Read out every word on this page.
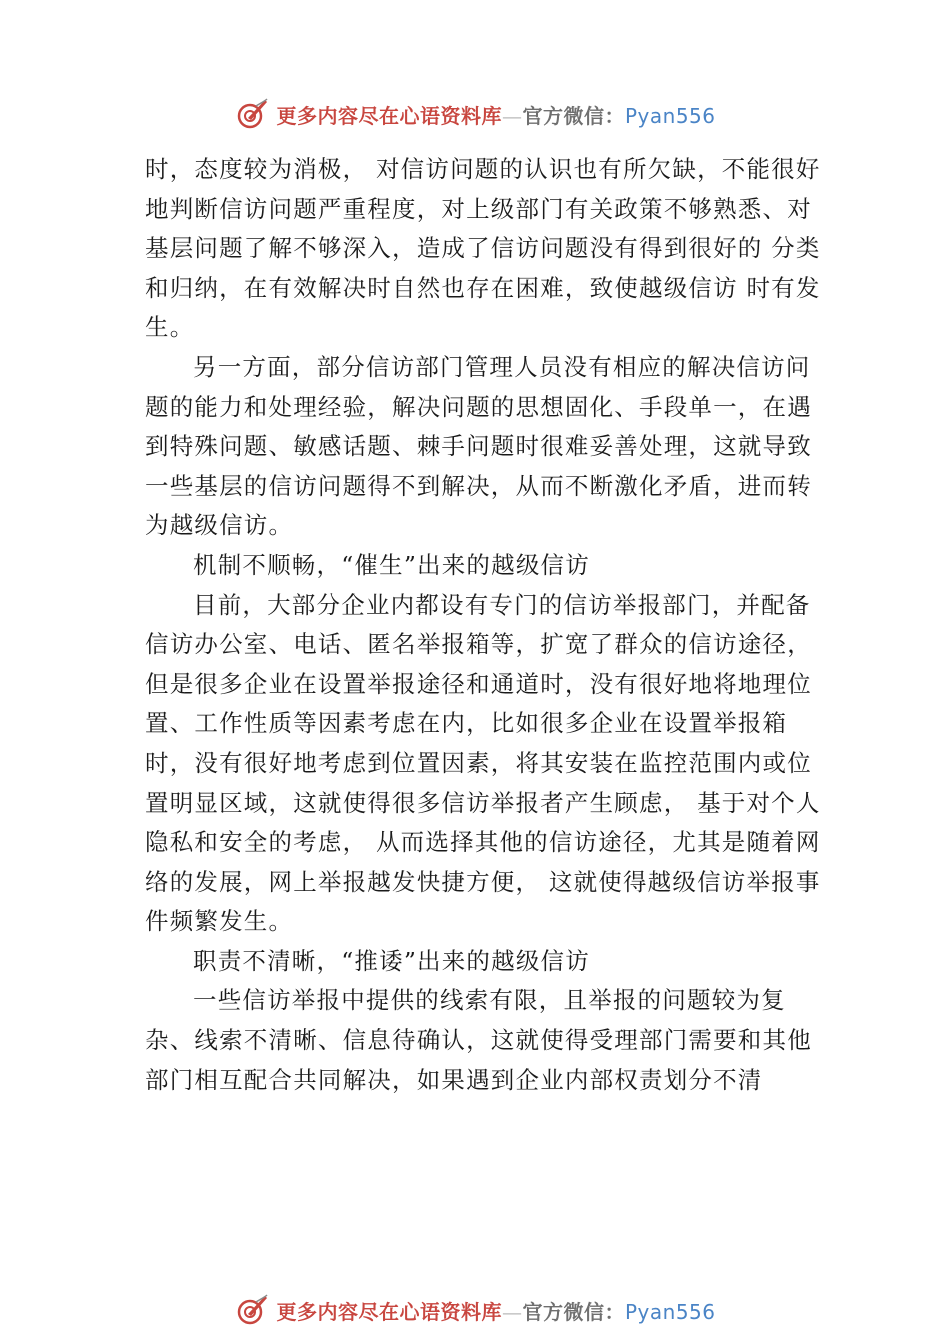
更多内容尽在心语资料库—官方微信：Pyan556

时，态度较为消极， 对信访问题的认识也有所欠缺，不能很好地判断信访问题严重程度，对上级部门有关政策不够熟悉、对基层问题了解不够深入，造成了信访问题没有得到很好的 分类和归纳，在有效解决时自然也存在困难，致使越级信访 时有发生。

另一方面，部分信访部门管理人员没有相应的解决信访问题的能力和处理经验，解决问题的思想固化、手段单一，在遇到特殊问题、敏感话题、棘手问题时很难妥善处理，这就导致一些基层的信访问题得不到解决，从而不断激化矛盾，进而转为越级信访。

机制不顺畅，“催生”出来的越级信访

目前，大部分企业内都设有专门的信访举报部门，并配备信访办公室、电话、匿名举报箱等，扩宽了群众的信访途径，但是很多企业在设置举报途径和通道时，没有很好地将地理位置、工作性质等因素考虑在内，比如很多企业在设置举报箱时，没有很好地考虑到位置因素，将其安装在监控范围内或位置明显区域，这就使得很多信访举报者产生顾虑， 基于对个人隐私和安全的考虑， 从而选择其他的信访途径，尤其是随着网络的发展，网上举报越发快捷方便， 这就使得越级信访举报事件频繁发生。

职责不清晰，“推诿”出来的越级信访

一些信访举报中提供的线索有限，且举报的问题较为复杂、线索不清晰、信息待确认，这就使得受理部门需要和其他部门相互配合共同解决，如果遇到企业内部权责划分不清

更多内容尽在心语资料库—官方微信：Pyan556
